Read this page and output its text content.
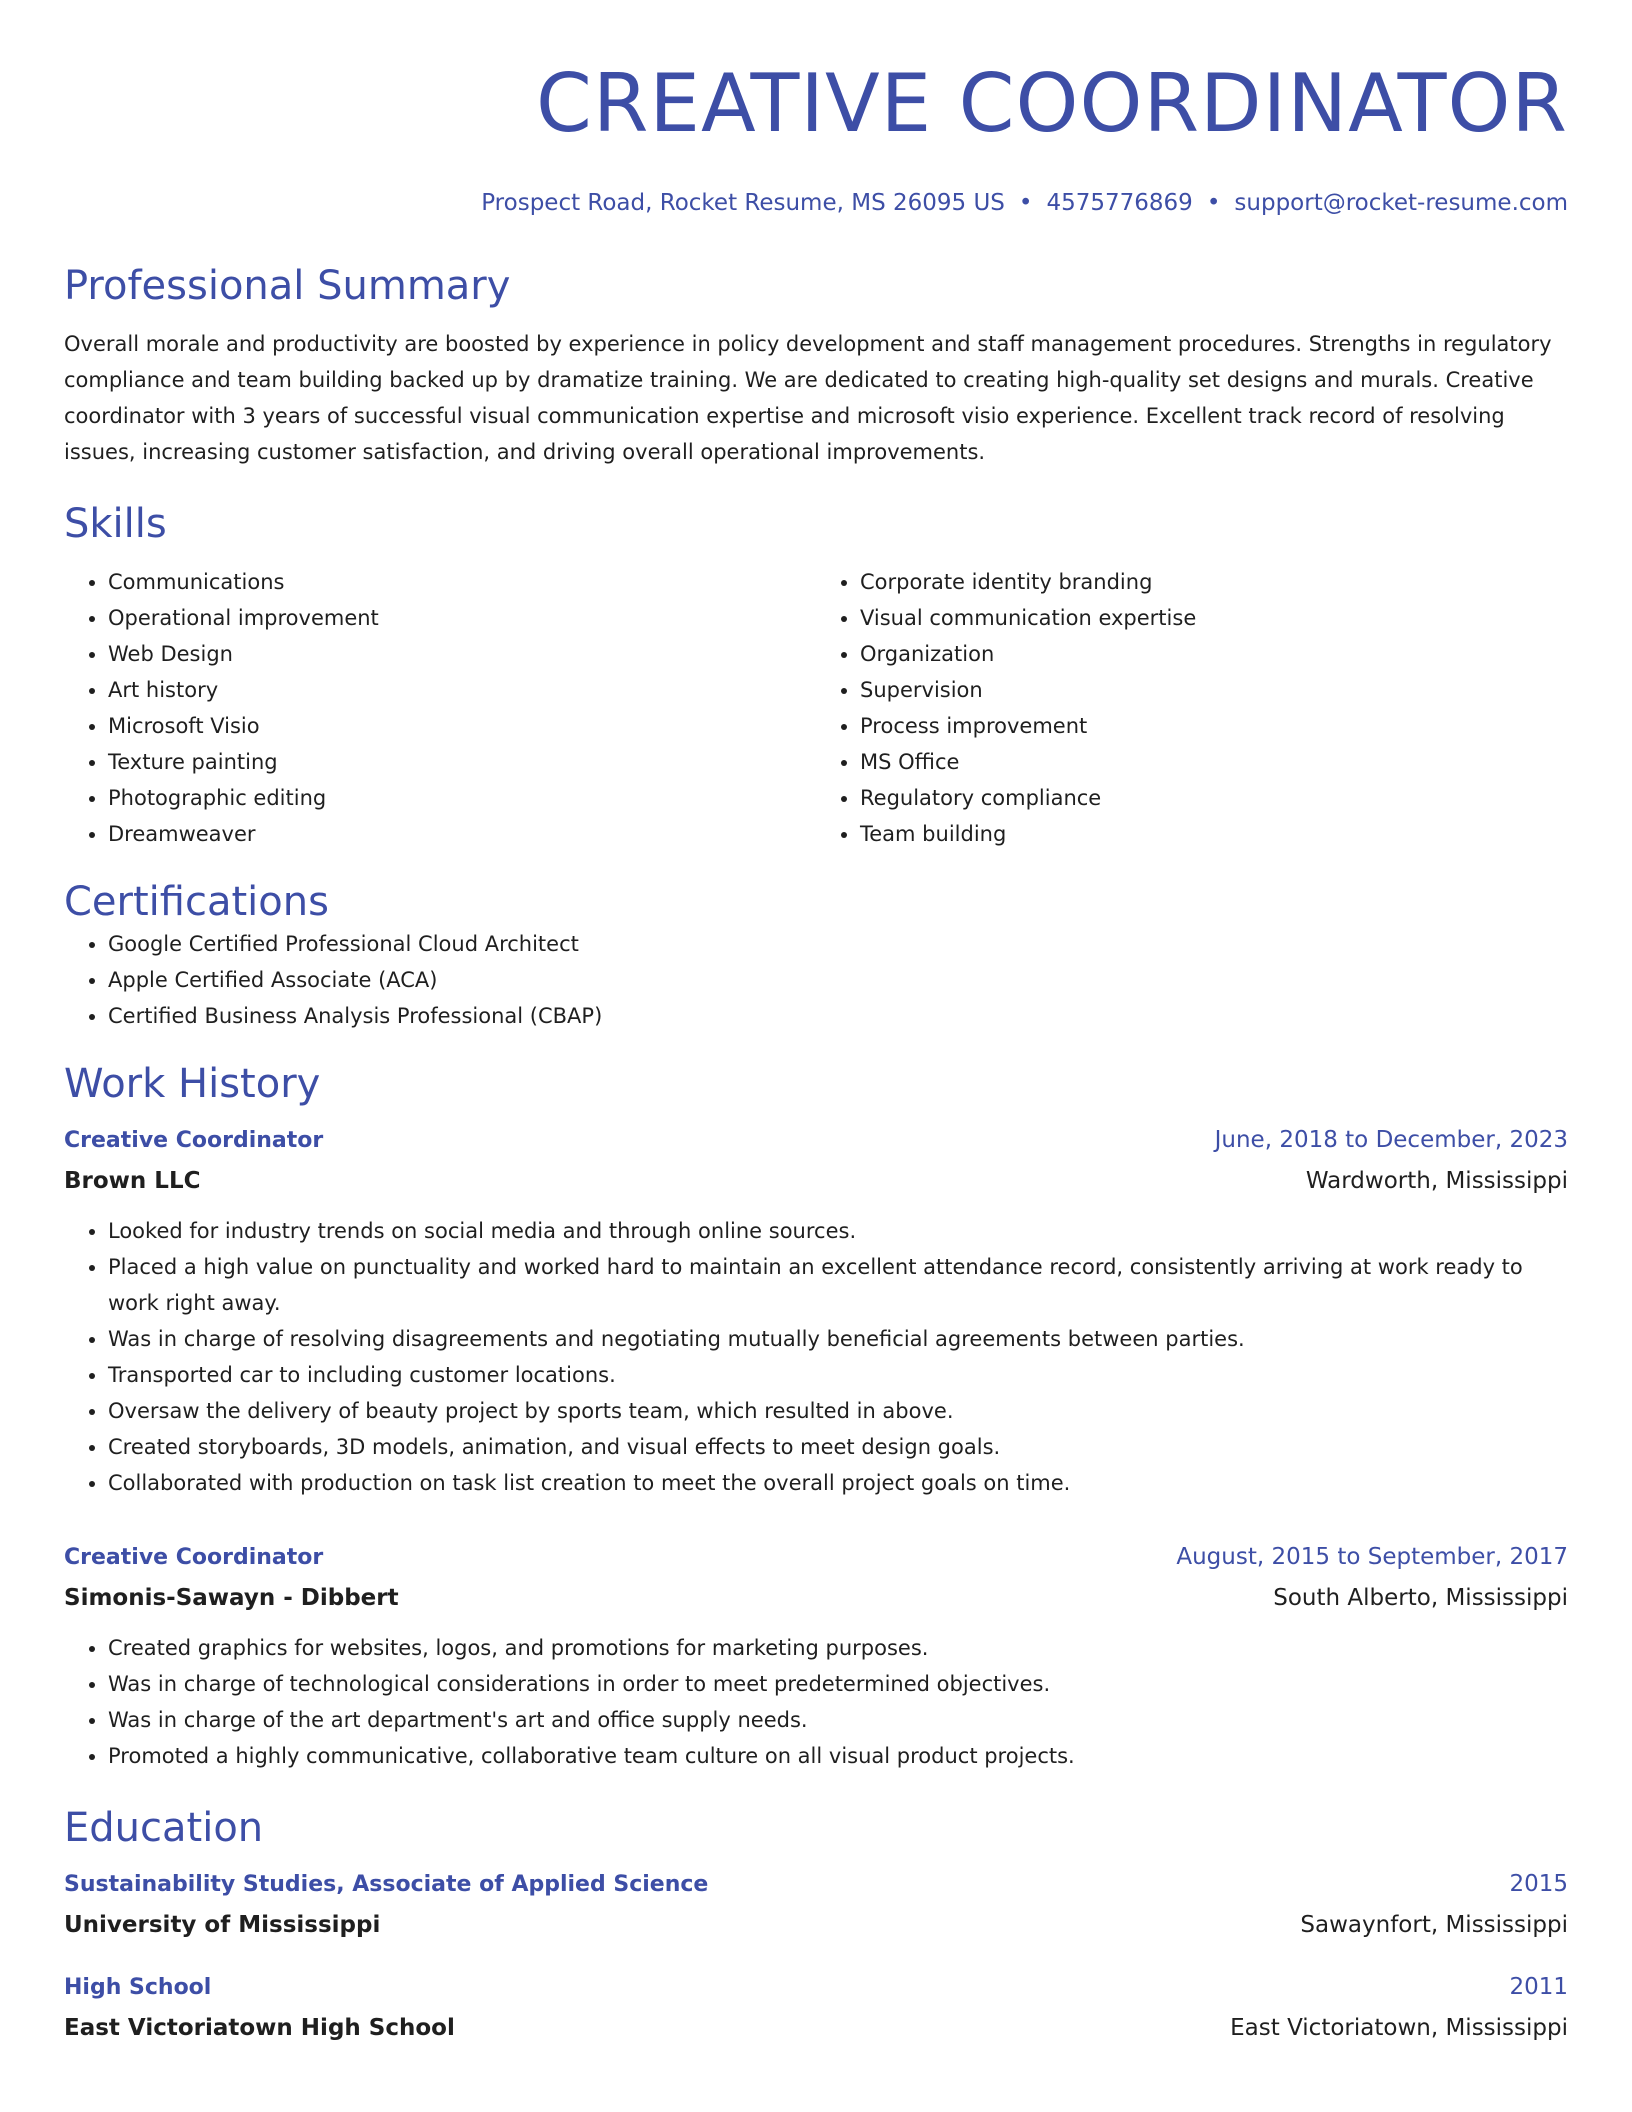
CREATIVE COORDINATOR
Prospect Road, Rocket Resume, MS 26095 US • 4575776869 • support@rocket-resume.com
Professional Summary
Overall morale and productivity are boosted by experience in policy development and staff management procedures. Strengths in regulatory compliance and team building backed up by dramatize training. We are dedicated to creating high-quality set designs and murals. Creative coordinator with 3 years of successful visual communication expertise and microsoft visio experience. Excellent track record of resolving issues, increasing customer satisfaction, and driving overall operational improvements.
Skills
• Communications
• Operational improvement
• Web Design
• Art history
• Microsoft Visio
• Texture painting
• Photographic editing
• Dreamweaver
• Corporate identity branding
• Visual communication expertise
• Organization
• Supervision
• Process improvement
• MS Office
• Regulatory compliance
• Team building
Certifications
• Google Certified Professional Cloud Architect
• Apple Certified Associate (ACA)
• Certified Business Analysis Professional (CBAP)
Work History
Creative Coordinator	June, 2018 to December, 2023
Brown LLC	Wardworth, Mississippi
• Looked for industry trends on social media and through online sources.
• Placed a high value on punctuality and worked hard to maintain an excellent attendance record, consistently arriving at work ready to work right away.
• Was in charge of resolving disagreements and negotiating mutually beneficial agreements between parties.
• Transported car to including customer locations.
• Oversaw the delivery of beauty project by sports team, which resulted in above.
• Created storyboards, 3D models, animation, and visual effects to meet design goals.
• Collaborated with production on task list creation to meet the overall project goals on time.
Creative Coordinator	August, 2015 to September, 2017
Simonis-Sawayn - Dibbert	South Alberto, Mississippi
• Created graphics for websites, logos, and promotions for marketing purposes.
• Was in charge of technological considerations in order to meet predetermined objectives.
• Was in charge of the art department's art and office supply needs.
• Promoted a highly communicative, collaborative team culture on all visual product projects.
Education
Sustainability Studies, Associate of Applied Science	2015
University of Mississippi	Sawaynfort, Mississippi
High School	2011
East Victoriatown High School	East Victoriatown, Mississippi
